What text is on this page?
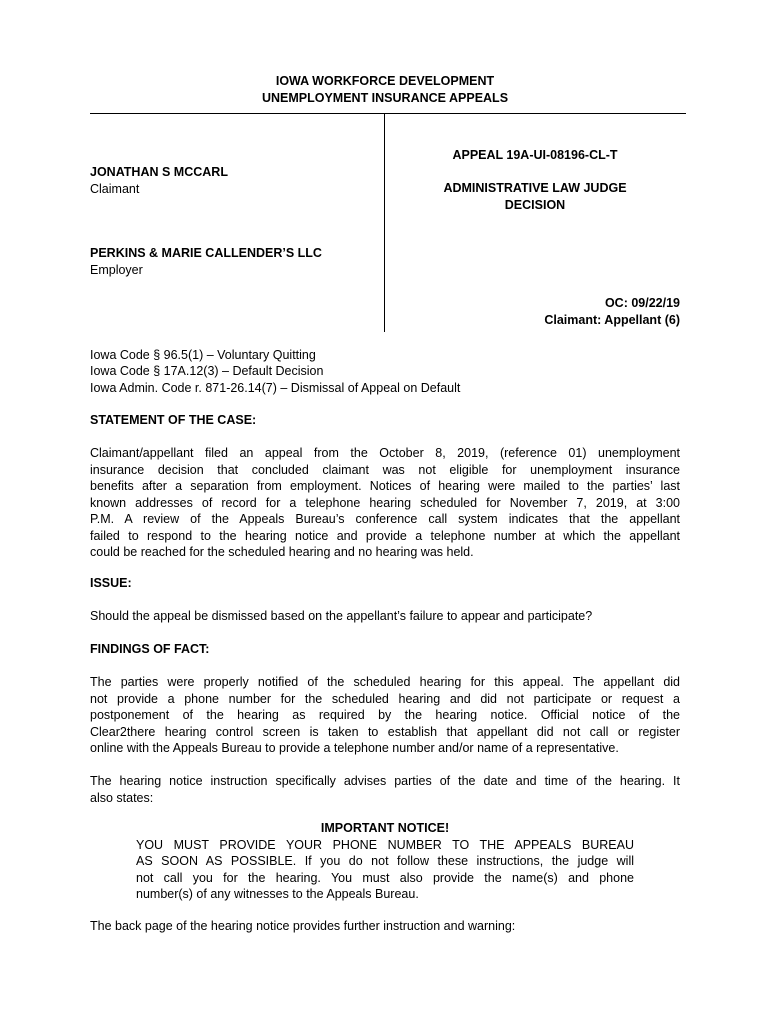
IOWA WORKFORCE DEVELOPMENT
UNEMPLOYMENT INSURANCE APPEALS
APPEAL 19A-UI-08196-CL-T
ADMINISTRATIVE LAW JUDGE
DECISION
JONATHAN S MCCARL
Claimant
PERKINS & MARIE CALLENDER’S LLC
Employer
OC: 09/22/19
Claimant: Appellant (6)
Iowa Code § 96.5(1) – Voluntary Quitting
Iowa Code § 17A.12(3) – Default Decision
Iowa Admin. Code r. 871-26.14(7) – Dismissal of Appeal on Default
STATEMENT OF THE CASE:
Claimant/appellant filed an appeal from the October 8, 2019, (reference 01) unemployment
insurance decision that concluded claimant was not eligible for unemployment insurance
benefits after a separation from employment. Notices of hearing were mailed to the parties’ last
known addresses of record for a telephone hearing scheduled for November 7, 2019, at 3:00
P.M. A review of the Appeals Bureau’s conference call system indicates that the appellant
failed to respond to the hearing notice and provide a telephone number at which the appellant
could be reached for the scheduled hearing and no hearing was held.
ISSUE:
Should the appeal be dismissed based on the appellant’s failure to appear and participate?
FINDINGS OF FACT:
The parties were properly notified of the scheduled hearing for this appeal. The appellant did
not provide a phone number for the scheduled hearing and did not participate or request a
postponement of the hearing as required by the hearing notice. Official notice of the
Clear2there hearing control screen is taken to establish that appellant did not call or register
online with the Appeals Bureau to provide a telephone number and/or name of a representative.
The hearing notice instruction specifically advises parties of the date and time of the hearing. It
also states:
IMPORTANT NOTICE!
YOU MUST PROVIDE YOUR PHONE NUMBER TO THE APPEALS BUREAU
AS SOON AS POSSIBLE. If you do not follow these instructions, the judge will
not call you for the hearing. You must also provide the name(s) and phone
number(s) of any witnesses to the Appeals Bureau.
The back page of the hearing notice provides further instruction and warning:
